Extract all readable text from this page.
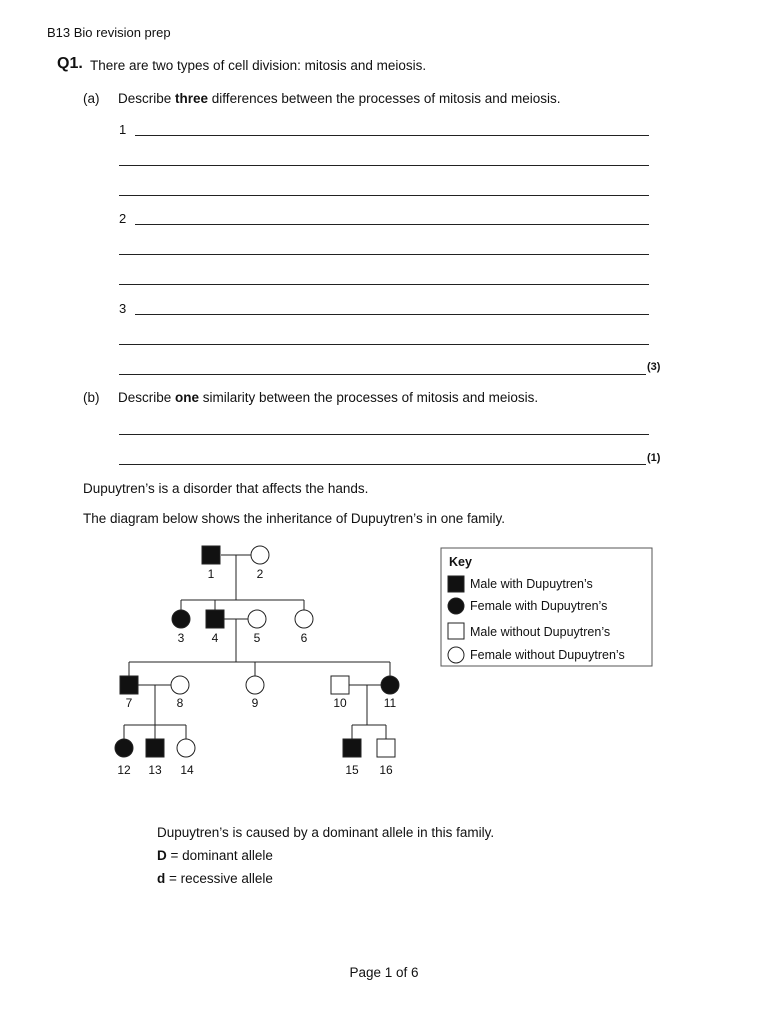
B13 Bio revision prep
Q1. There are two types of cell division: mitosis and meiosis.
(a) Describe three differences between the processes of mitosis and meiosis.
1
2
3
(3)
(b) Describe one similarity between the processes of mitosis and meiosis.
(1)
Dupuytren’s is a disorder that affects the hands.
The diagram below shows the inheritance of Dupuytren’s in one family.
1	2
3 4	5	6
7	8	9	10	11
12 13 14	15 16
Key
Male with Dupuytren’s
Female with Dupuytren’s
Male without Dupuytren’s
Female without Dupuytren’s
Dupuytren’s is caused by a dominant allele in this family.
D = dominant allele
d = recessive allele
Page 1 of 6
